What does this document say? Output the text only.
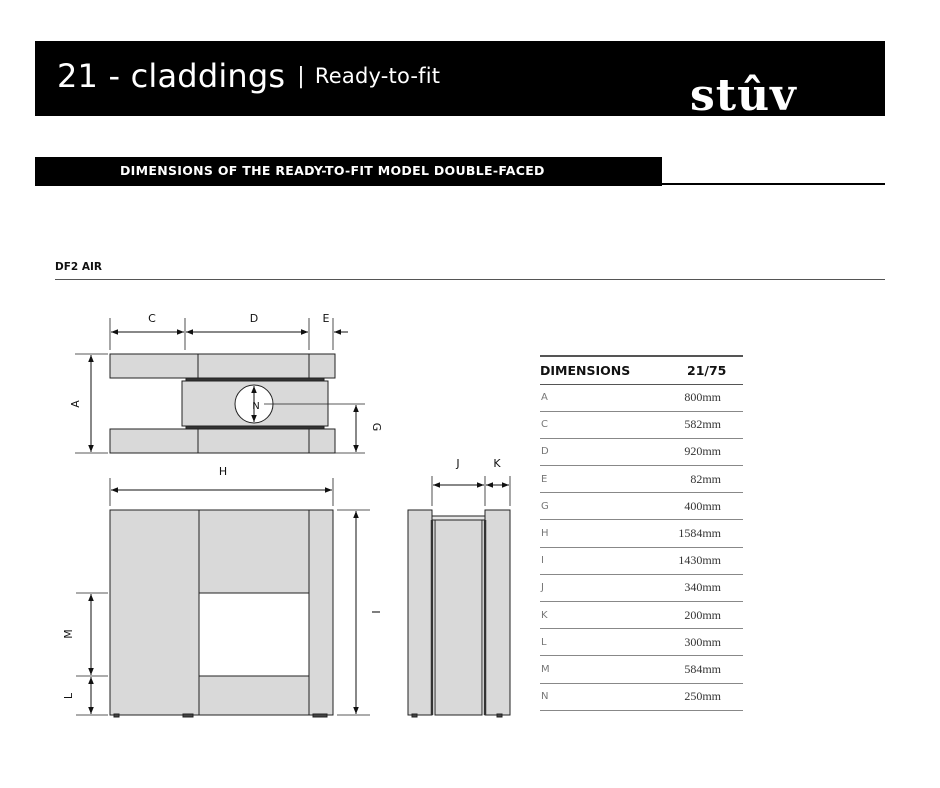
21 - claddings | Ready-to-fit	stûv
DIMENSIONS OF THE READY-TO-FIT MODEL DOUBLE-FACED
DF2 AIR
C	D	E
A
G
N
H
I
J	K
M
L
DIMENSIONS	21/75
A	800mm
C	582mm
D	920mm
E	82mm
G	400mm
H	1584mm
I	1430mm
J	340mm
K	200mm
L	300mm
M	584mm
N	250mm
